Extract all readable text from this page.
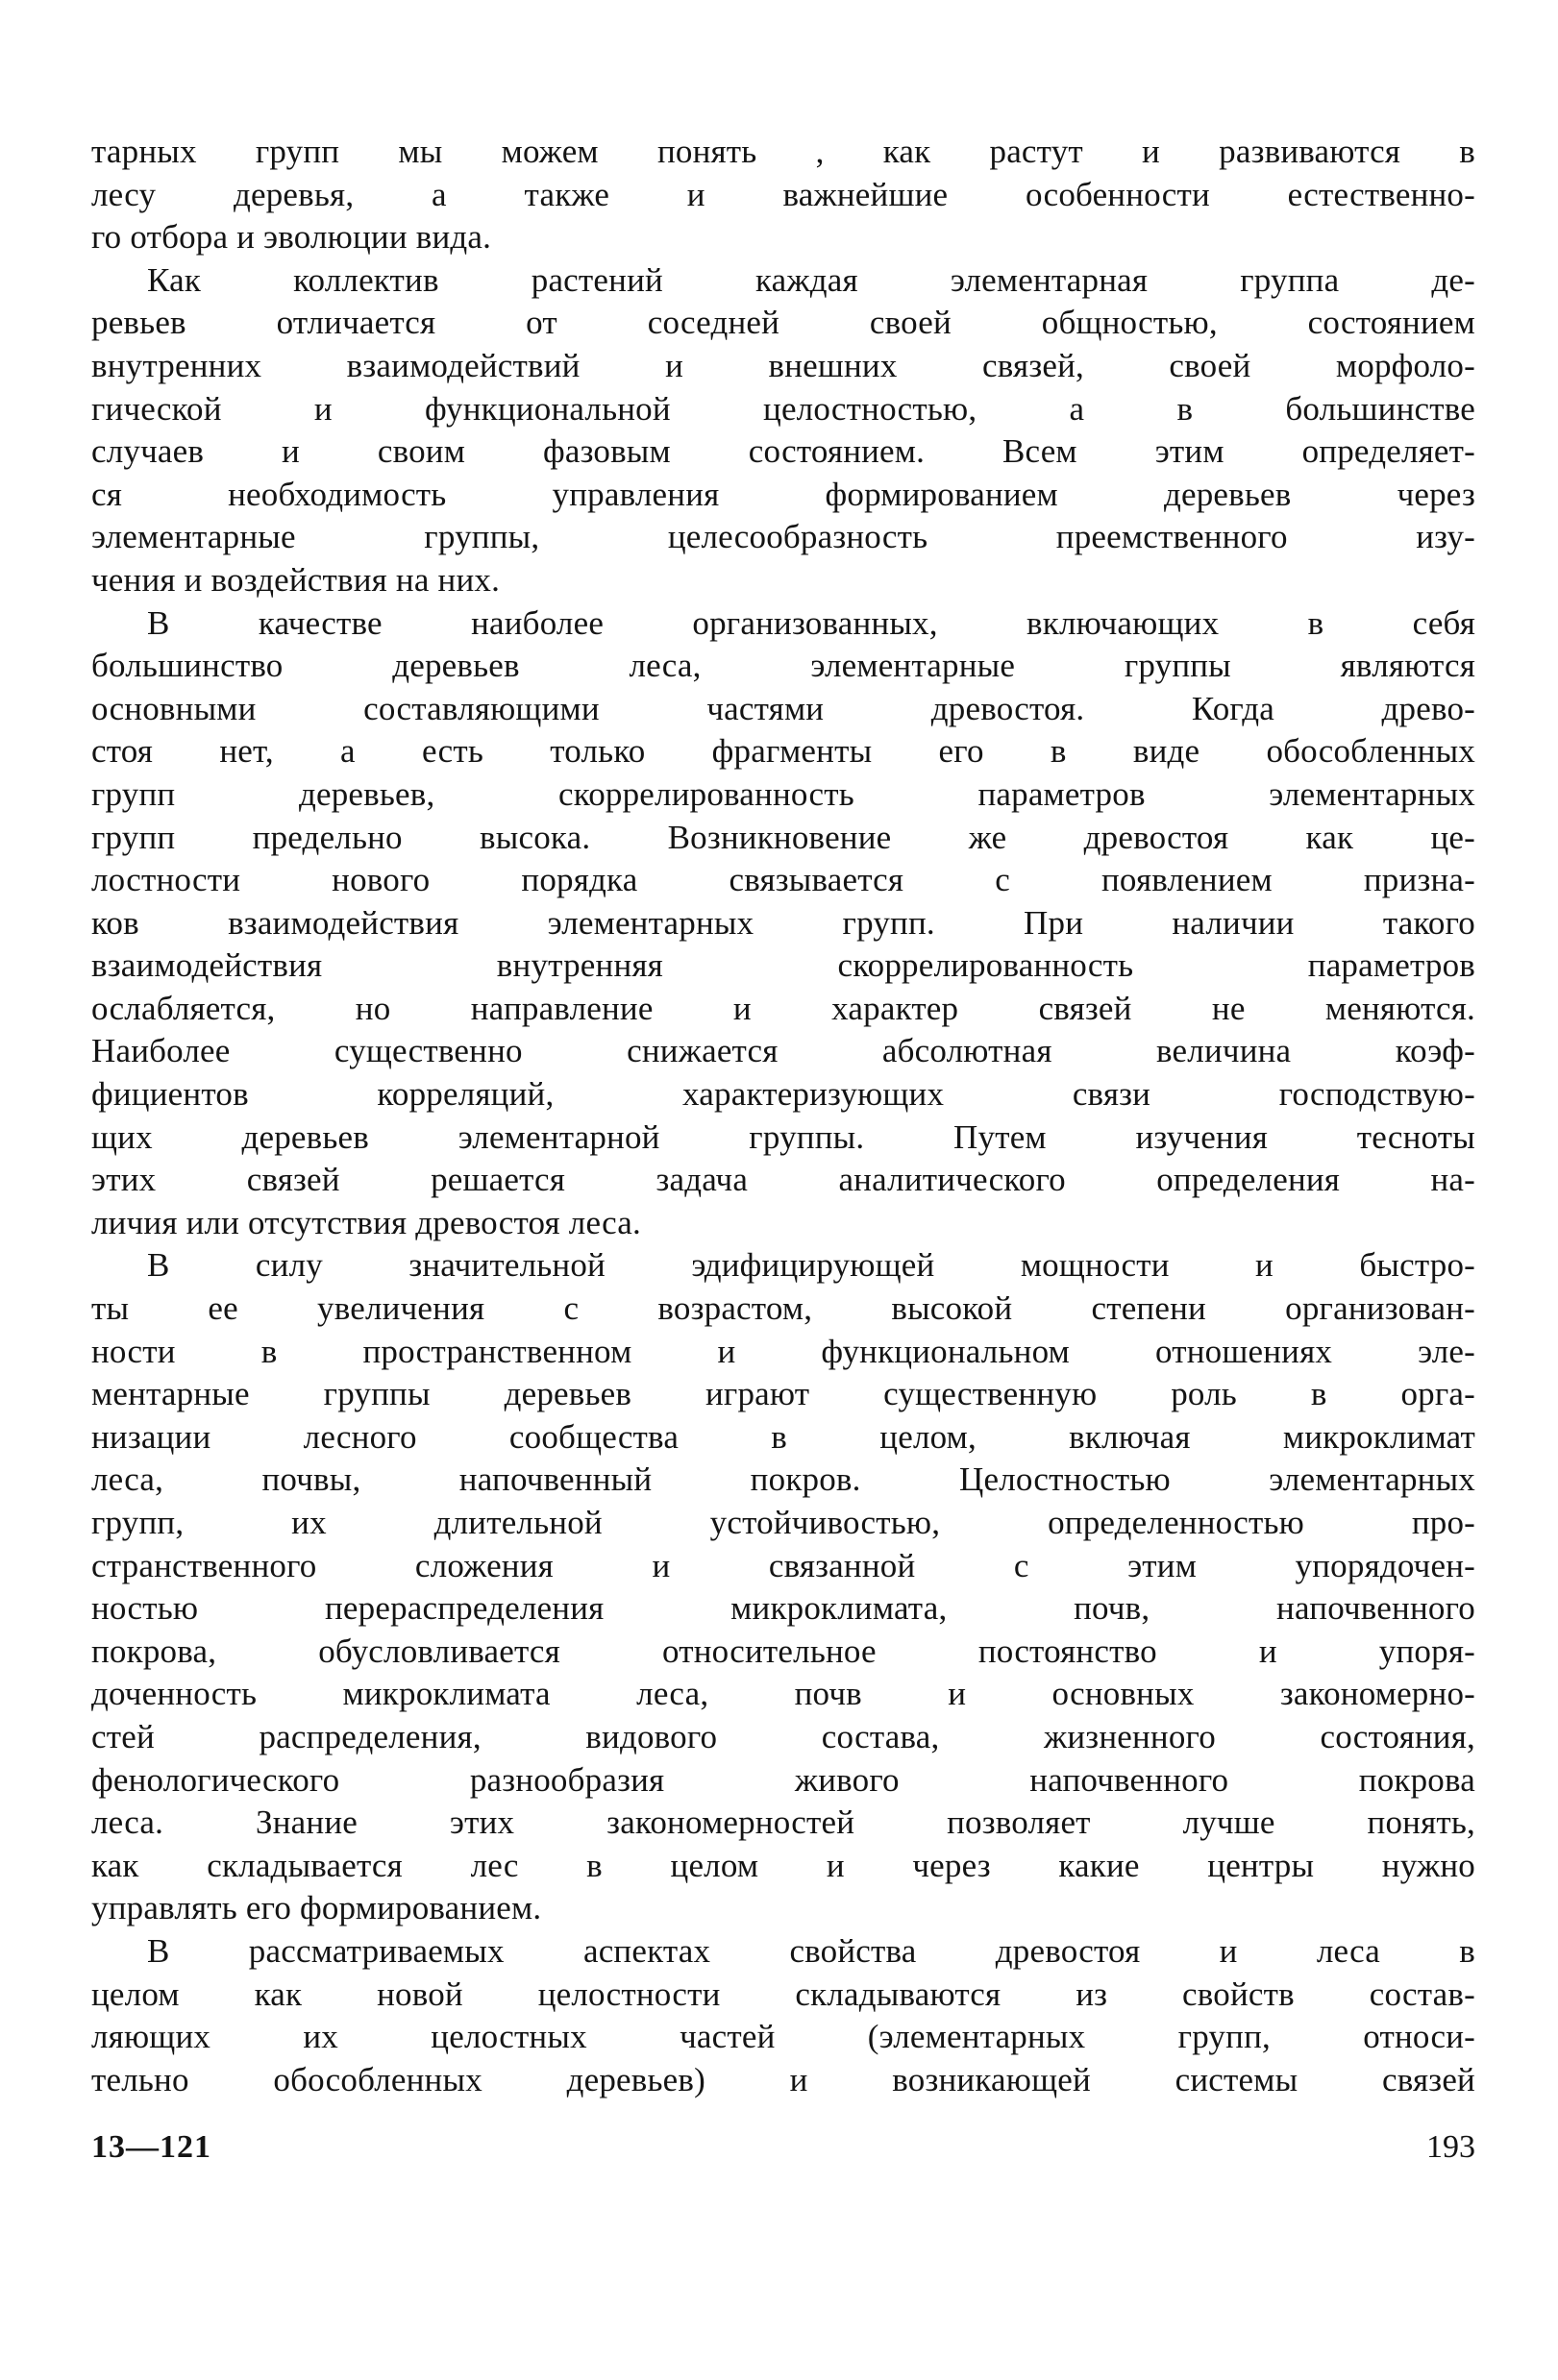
тарных групп мы можем понять , как растут и развиваются в
лесу деревья, а также и важнейшие особенности естественно-
го отбора и эволюции вида.
Как коллектив растений каждая элементарная группа де-
ревьев отличается от соседней своей общностью, состоянием
внутренних взаимодействий и внешних связей, своей морфоло-
гической и функциональной целостностью, а в большинстве
случаев и своим фазовым состоянием. Всем этим определяет-
ся необходимость управления формированием деревьев через
элементарные группы, целесообразность преемственного изу-
чения и воздействия на них.
В качестве наиболее организованных, включающих в себя
большинство деревьев леса, элементарные группы являются
основными составляющими частями древостоя. Когда древо-
стоя нет, а есть только фрагменты его в виде обособленных
групп деревьев, скоррелированность параметров элементарных
групп предельно высока. Возникновение же древостоя как це-
лостности нового порядка связывается с появлением призна-
ков взаимодействия элементарных групп. При наличии такого
взаимодействия внутренняя скоррелированность параметров
ослабляется, но направление и характер связей не меняются.
Наиболее существенно снижается абсолютная величина коэф-
фициентов корреляций, характеризующих связи господствую-
щих деревьев элементарной группы. Путем изучения тесноты
этих связей решается задача аналитического определения на-
личия или отсутствия древостоя леса.
В силу значительной эдифицирующей мощности и быстро-
ты ее увеличения с возрастом, высокой степени организован-
ности в пространственном и функциональном отношениях эле-
ментарные группы деревьев играют существенную роль в орга-
низации лесного сообщества в целом, включая микроклимат
леса, почвы, напочвенный покров. Целостностью элементарных
групп, их длительной устойчивостью, определенностью про-
странственного сложения и связанной с этим упорядочен-
ностью перераспределения микроклимата, почв, напочвенного
покрова, обусловливается относительное постоянство и упоря-
доченность микроклимата леса, почв и основных закономерно-
стей распределения, видового состава, жизненного состояния,
фенологического разнообразия живого напочвенного покрова
леса. Знание этих закономерностей позволяет лучше понять,
как складывается лес в целом и через какие центры нужно
управлять его формированием.
В рассматриваемых аспектах свойства древостоя и леса в
целом как новой целостности складываются из свойств состав-
ляющих их целостных частей (элементарных групп, относи-
тельно обособленных деревьев) и возникающей системы связей
13—121	193
